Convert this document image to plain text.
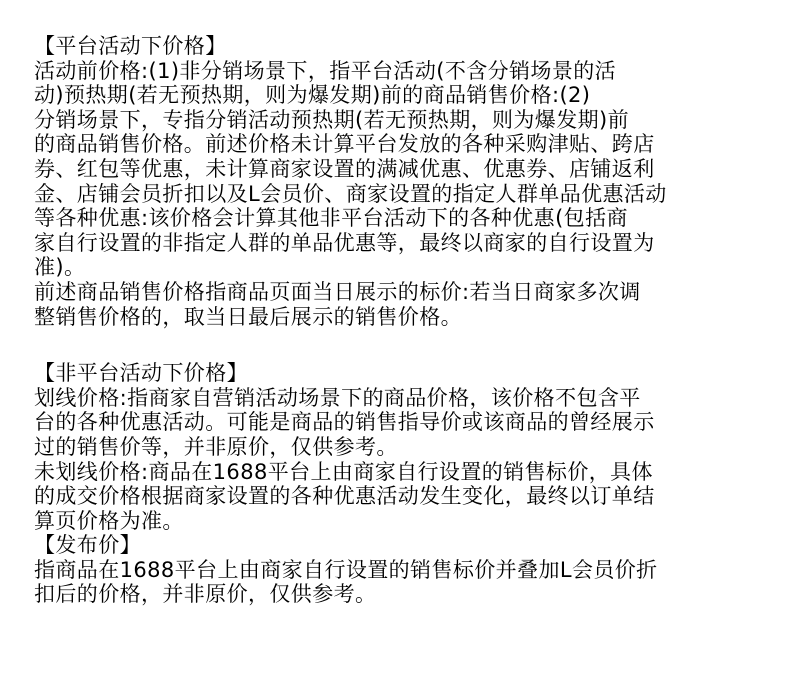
【平台活动下价格】
活动前价格:(1)非分销场景下，指平台活动(不含分销场景的活
动)预热期(若无预热期，则为爆发期)前的商品销售价格:(2)
分销场景下，专指分销活动预热期(若无预热期，则为爆发期)前
的商品销售价格。前述价格未计算平台发放的各种采购津贴、跨店
券、红包等优惠，未计算商家设置的满减优惠、优惠券、店铺返利
金、店铺会员折扣以及L会员价、商家设置的指定人群单品优惠活动
等各种优惠:该价格会计算其他非平台活动下的各种优惠(包括商
家自行设置的非指定人群的单品优惠等，最终以商家的自行设置为
准)。
前述商品销售价格指商品页面当日展示的标价:若当日商家多次调
整销售价格的，取当日最后展示的销售价格。
【非平台活动下价格】
划线价格:指商家自营销活动场景下的商品价格，该价格不包含平
台的各种优惠活动。可能是商品的销售指导价或该商品的曾经展示
过的销售价等，并非原价，仅供参考。
未划线价格:商品在1688平台上由商家自行设置的销售标价，具体
的成交价格根据商家设置的各种优惠活动发生变化，最终以订单结
算页价格为准。
【发布价】
指商品在1688平台上由商家自行设置的销售标价并叠加L会员价折
扣后的价格，并非原价，仅供参考。
